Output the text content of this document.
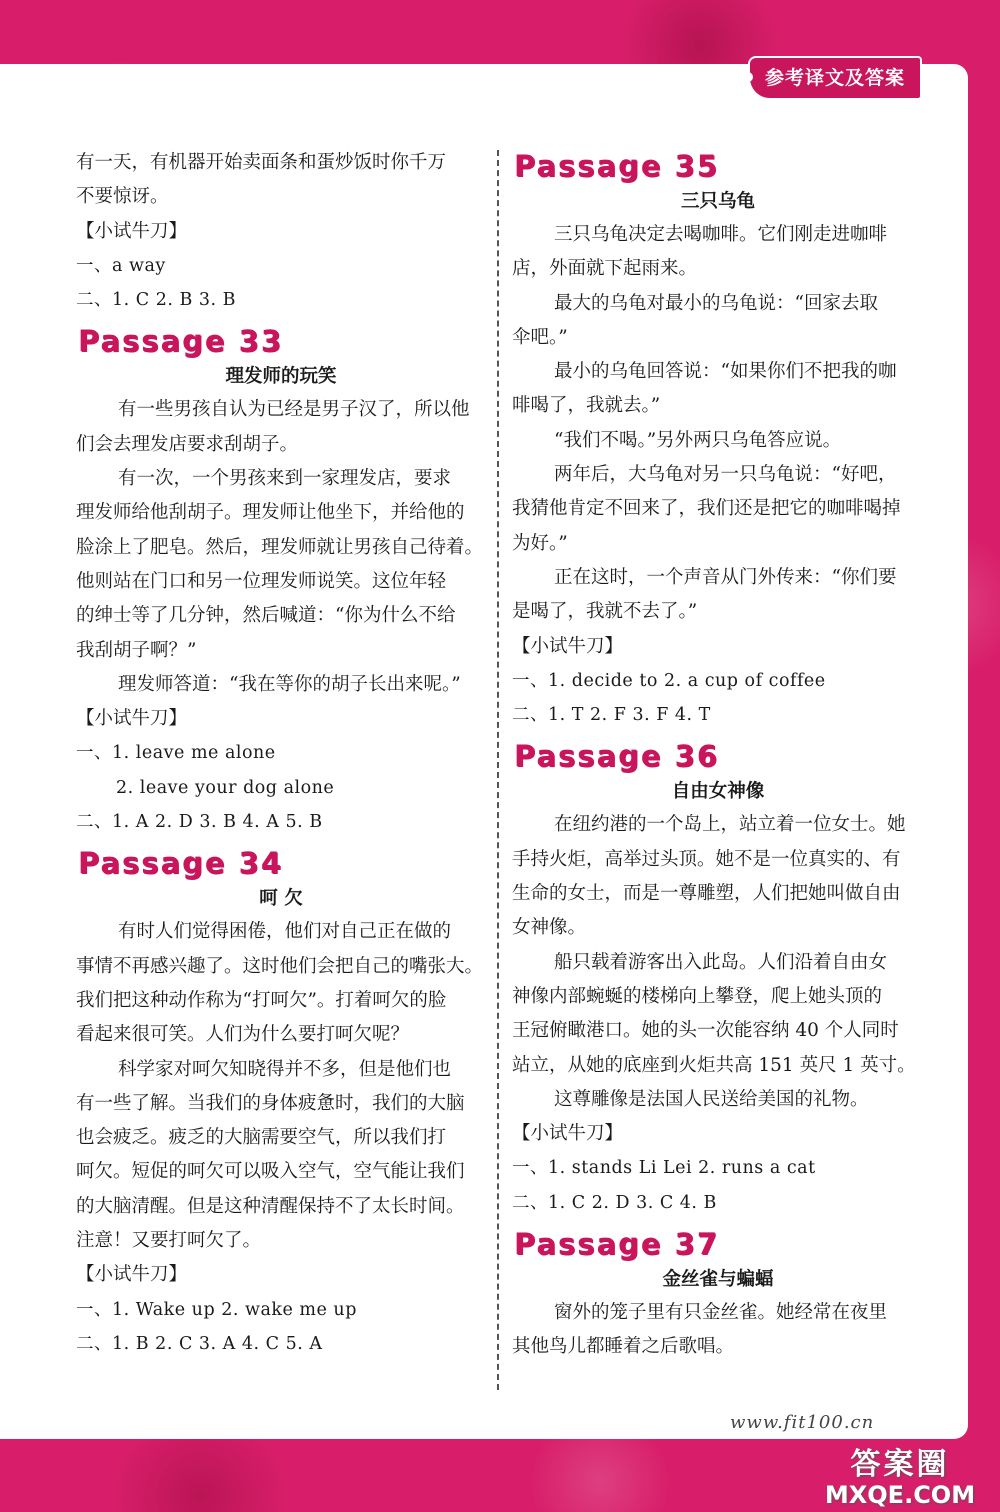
参考译文及答案
有一天，有机器开始卖面条和蛋炒饭时你千万
不要惊讶。
【小试牛刀】
一、a way
二、1. C 2. B 3. B
Passage 33
理发师的玩笑
有一些男孩自认为已经是男子汉了，所以他
们会去理发店要求刮胡子。
有一次，一个男孩来到一家理发店，要求
理发师给他刮胡子。理发师让他坐下，并给他的
脸涂上了肥皂。然后，理发师就让男孩自己待着。
他则站在门口和另一位理发师说笑。这位年轻
的绅士等了几分钟，然后喊道：“你为什么不给
我刮胡子啊？”
理发师答道：“我在等你的胡子长出来呢。”
【小试牛刀】
一、1. leave me alone
2. leave your dog alone
二、1. A 2. D 3. B 4. A 5. B
Passage 34
呵 欠
有时人们觉得困倦，他们对自己正在做的
事情不再感兴趣了。这时他们会把自己的嘴张大。
我们把这种动作称为“打呵欠”。打着呵欠的脸
看起来很可笑。人们为什么要打呵欠呢？
科学家对呵欠知晓得并不多，但是他们也
有一些了解。当我们的身体疲惫时，我们的大脑
也会疲乏。疲乏的大脑需要空气，所以我们打
呵欠。短促的呵欠可以吸入空气，空气能让我们
的大脑清醒。但是这种清醒保持不了太长时间。
注意！又要打呵欠了。
【小试牛刀】
一、1. Wake up 2. wake me up
二、1. B 2. C 3. A 4. C 5. A
Passage 35
三只乌龟
三只乌龟决定去喝咖啡。它们刚走进咖啡
店，外面就下起雨来。
最大的乌龟对最小的乌龟说：“回家去取
伞吧。”
最小的乌龟回答说：“如果你们不把我的咖
啡喝了，我就去。”
“我们不喝。”另外两只乌龟答应说。
两年后，大乌龟对另一只乌龟说：“好吧，
我猜他肯定不回来了，我们还是把它的咖啡喝掉
为好。”
正在这时，一个声音从门外传来：“你们要
是喝了，我就不去了。”
【小试牛刀】
一、1. decide to 2. a cup of coffee
二、1. T 2. F 3. F 4. T
Passage 36
自由女神像
在纽约港的一个岛上，站立着一位女士。她
手持火炬，高举过头顶。她不是一位真实的、有
生命的女士，而是一尊雕塑，人们把她叫做自由
女神像。
船只载着游客出入此岛。人们沿着自由女
神像内部蜿蜒的楼梯向上攀登，爬上她头顶的
王冠俯瞰港口。她的头一次能容纳 40 个人同时
站立，从她的底座到火炬共高 151 英尺 1 英寸。
这尊雕像是法国人民送给美国的礼物。
【小试牛刀】
一、1. stands Li Lei 2. runs a cat
二、1. C 2. D 3. C 4. B
Passage 37
金丝雀与蝙蝠
窗外的笼子里有只金丝雀。她经常在夜里
其他鸟儿都睡着之后歌唱。
www.fit100.cn
答案圈
MXQE.COM
